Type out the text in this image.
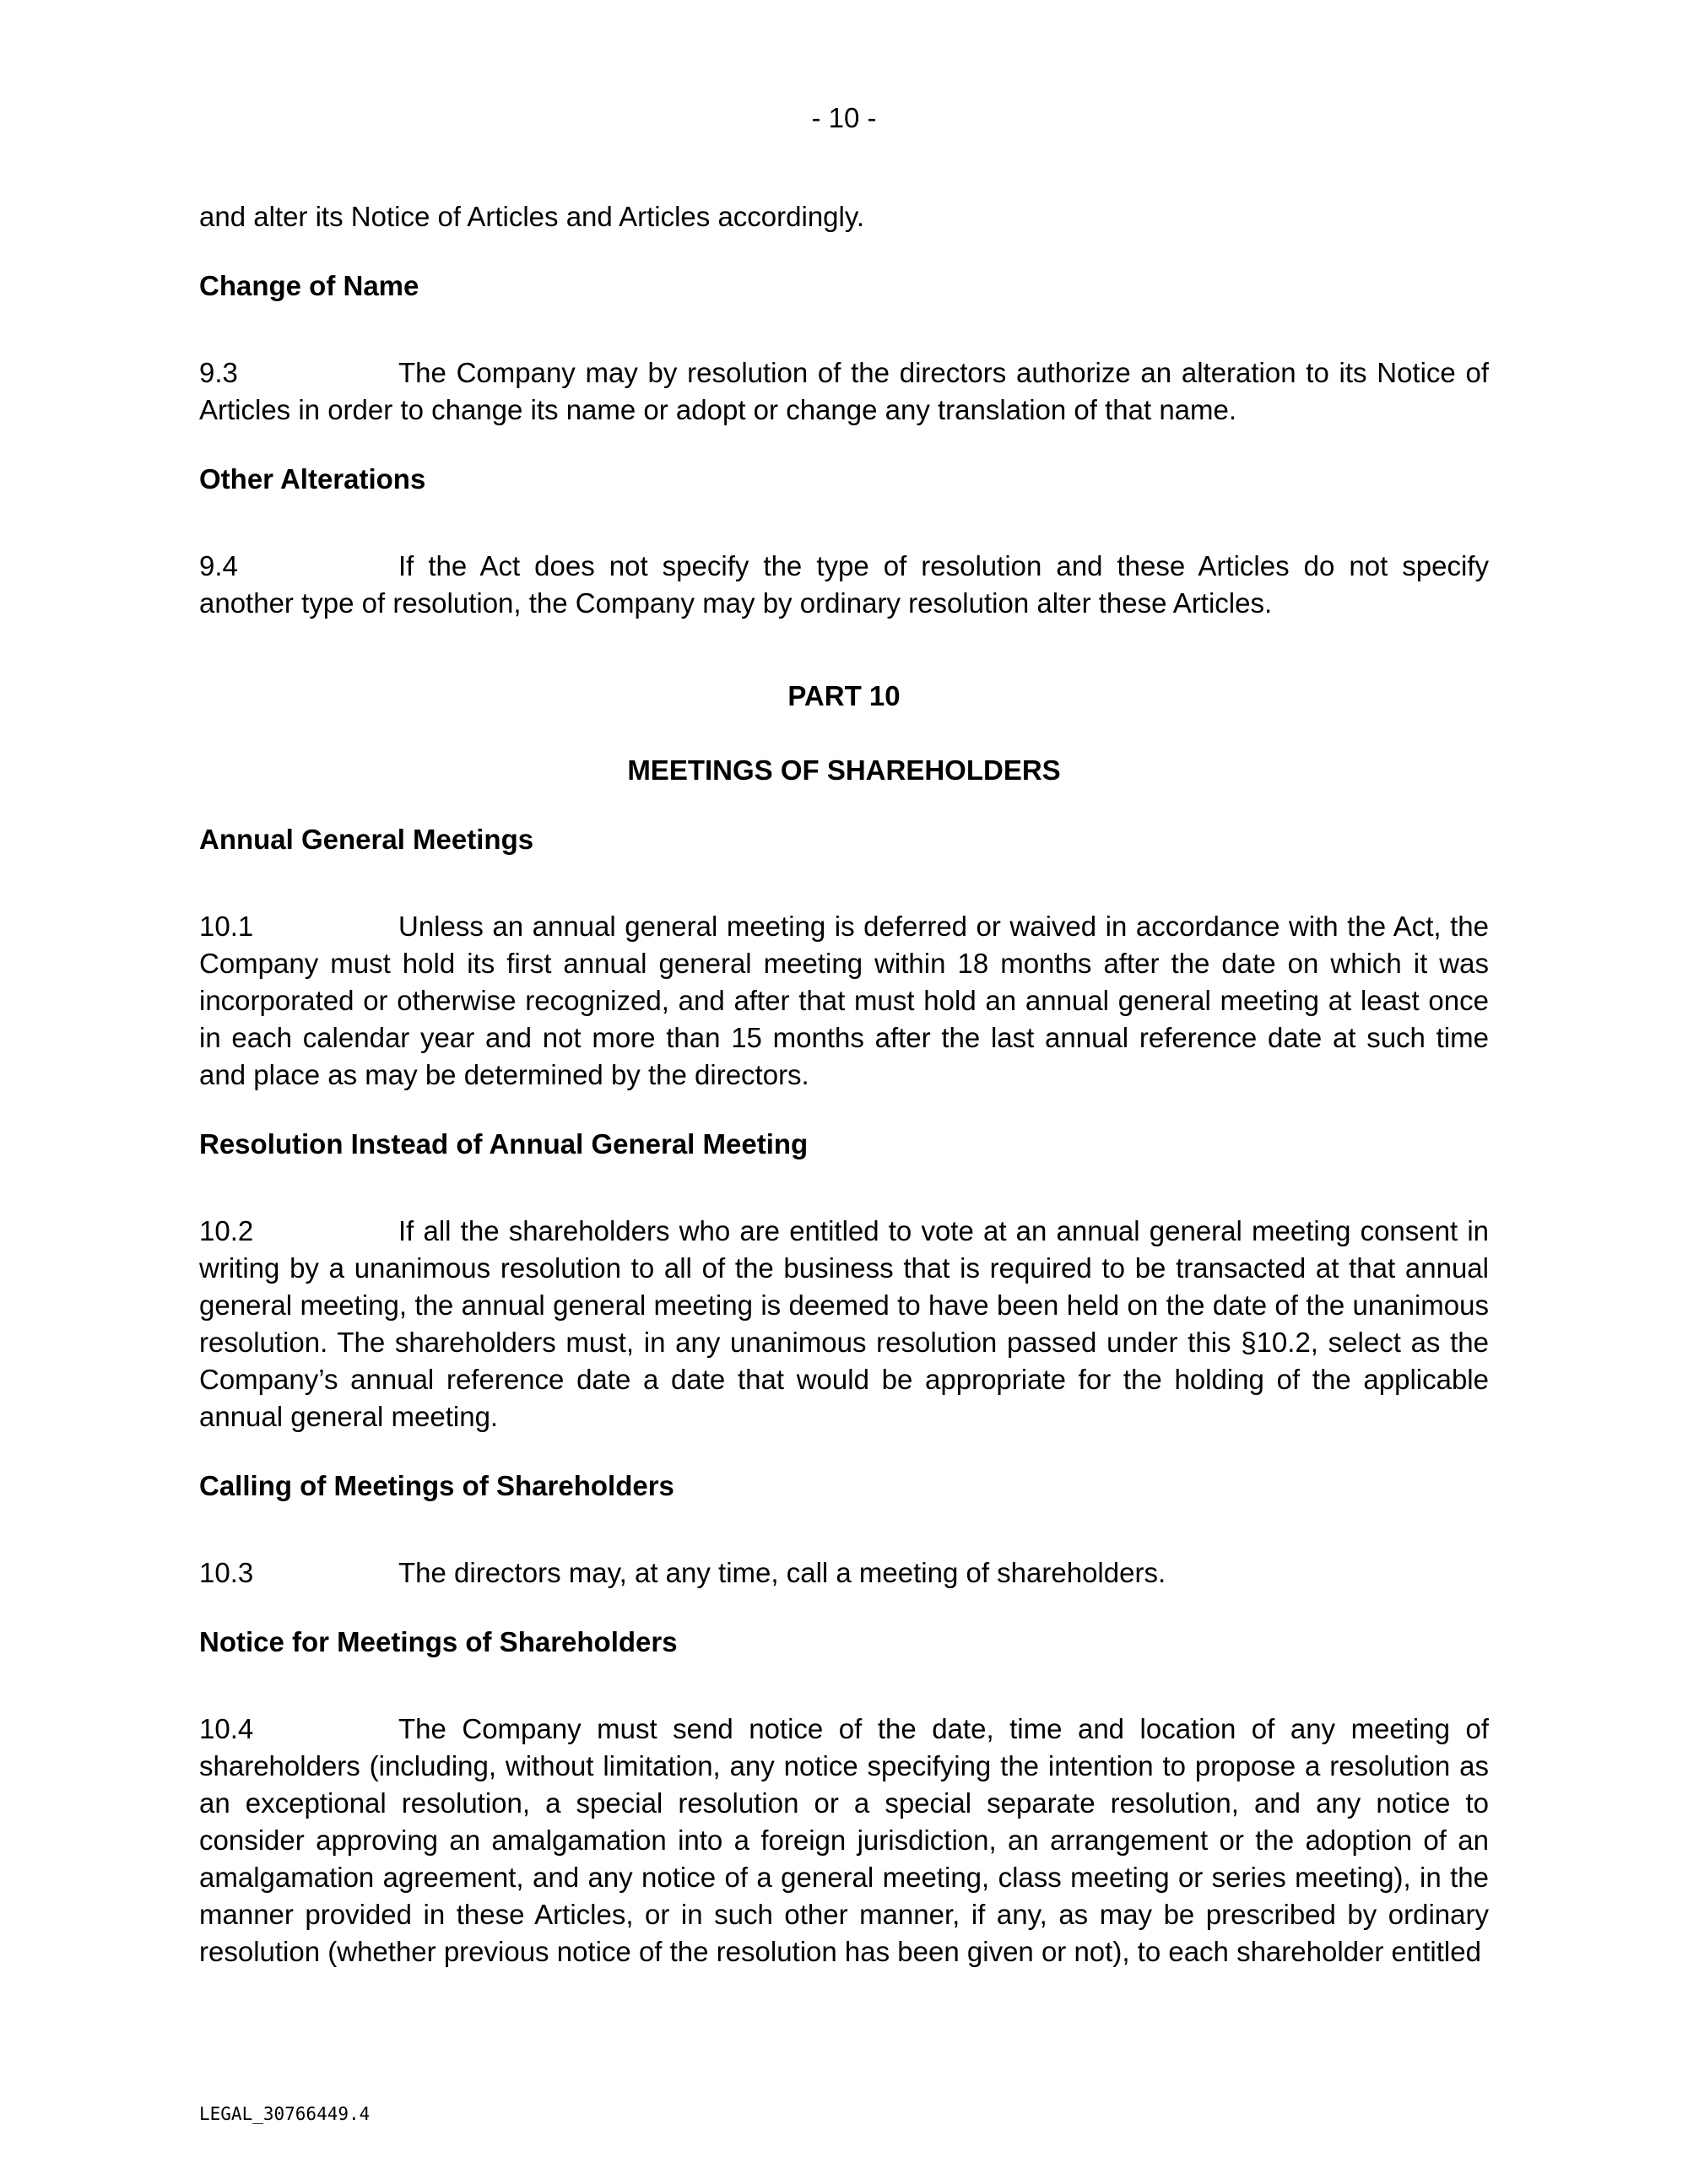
- 10 -

and alter its Notice of Articles and Articles accordingly.

Change of Name

9.3	The Company may by resolution of the directors authorize an alteration to its Notice of Articles in order to change its name or adopt or change any translation of that name.

Other Alterations

9.4	If the Act does not specify the type of resolution and these Articles do not specify another type of resolution, the Company may by ordinary resolution alter these Articles.

PART 10
MEETINGS OF SHAREHOLDERS
Annual General Meetings

10.1	Unless an annual general meeting is deferred or waived in accordance with the Act, the Company must hold its first annual general meeting within 18 months after the date on which it was incorporated or otherwise recognized, and after that must hold an annual general meeting at least once in each calendar year and not more than 15 months after the last annual reference date at such time and place as may be determined by the directors.

Resolution Instead of Annual General Meeting

10.2	If all the shareholders who are entitled to vote at an annual general meeting consent in writing by a unanimous resolution to all of the business that is required to be transacted at that annual general meeting, the annual general meeting is deemed to have been held on the date of the unanimous resolution. The shareholders must, in any unanimous resolution passed under this §10.2, select as the Company’s annual reference date a date that would be appropriate for the holding of the applicable annual general meeting.

Calling of Meetings of Shareholders

10.3	The directors may, at any time, call a meeting of shareholders.

Notice for Meetings of Shareholders

10.4	The Company must send notice of the date, time and location of any meeting of shareholders (including, without limitation, any notice specifying the intention to propose a resolution as an exceptional resolution, a special resolution or a special separate resolution, and any notice to consider approving an amalgamation into a foreign jurisdiction, an arrangement or the adoption of an amalgamation agreement, and any notice of a general meeting, class meeting or series meeting), in the manner provided in these Articles, or in such other manner, if any, as may be prescribed by ordinary resolution (whether previous notice of the resolution has been given or not), to each shareholder entitled

LEGAL_30766449.4
